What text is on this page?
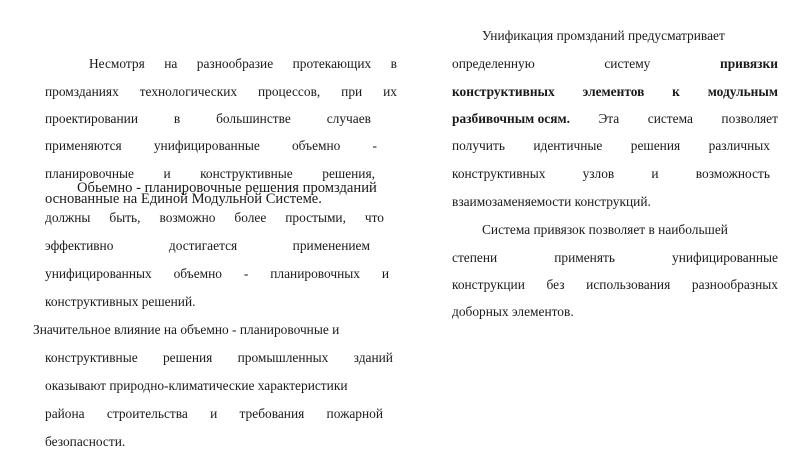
Несмотря на разнообразие протекающих в
промзданиях технологических процессов, при их
проектировании	в	большинстве	случаев
применяются унифицированные объемно -
планировочные и конструктивные решения,
основанные на Единой Модульной Системе.
Обьемно - планировочные решения промзданий
должны быть, возможно более простыми, что
эффективно	достигается	применением
унифицированных объемно - планировочных и
конструктивных решений.
Значительное влияние на объемно - планировочные и
конструктивные решения промышленных зданий
оказывают природно-климатические характеристики
района строительства и требования пожарной
безопасности.
Унификация промзданий предусматривает
определенную	систему	привязки
конструктивных элементов к модульным
разбивочным осям. Эта система позволяет
получить идентичные решения различных
конструктивных	узлов	и	возможность
взаимозаменяемости конструкций.
Система привязок позволяет в наибольшей
степени	применять	унифицированные
конструкции без использования разнообразных
доборных элементов.
